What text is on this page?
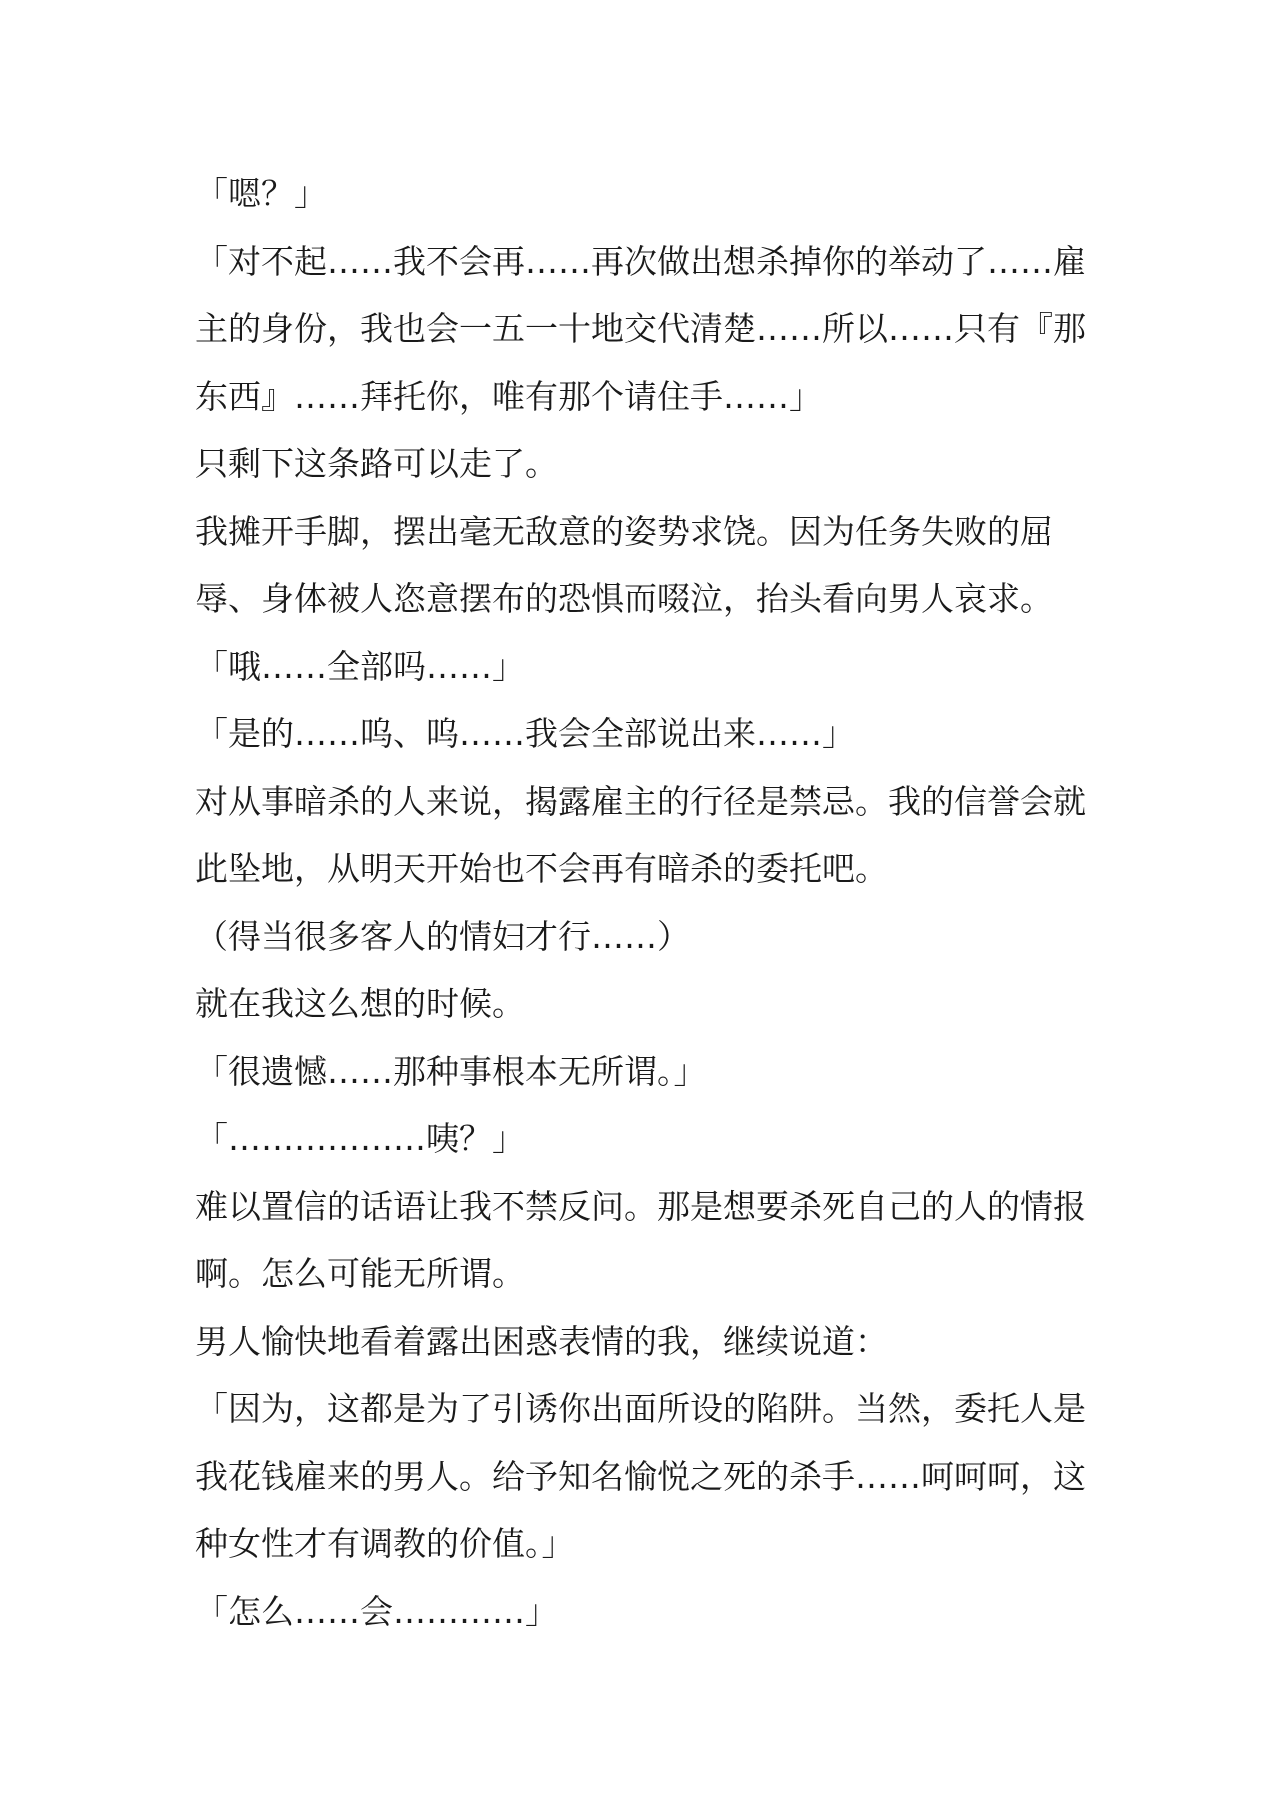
「嗯？」

「对不起……我不会再……再次做出想杀掉你的举动了……雇主的身份，我也会一五一十地交代清楚……所以……只有『那东西』……拜托你，唯有那个请住手……」

只剩下这条路可以走了。

我摊开手脚，摆出毫无敌意的姿势求饶。因为任务失败的屈辱、身体被人恣意摆布的恐惧而啜泣，抬头看向男人哀求。

「哦……全部吗……」

「是的……呜、呜……我会全部说出来……」

对从事暗杀的人来说，揭露雇主的行径是禁忌。我的信誉会就此坠地，从明天开始也不会再有暗杀的委托吧。

（得当很多客人的情妇才行……）

就在我这么想的时候。

「很遗憾……那种事根本无所谓。」

「………………咦？」

难以置信的话语让我不禁反问。那是想要杀死自己的人的情报啊。怎么可能无所谓。

男人愉快地看着露出困惑表情的我，继续说道：

「因为，这都是为了引诱你出面所设的陷阱。当然，委托人是我花钱雇来的男人。给予知名愉悦之死的杀手……呵呵呵，这种女性才有调教的价值。」

「怎么……会…………」
